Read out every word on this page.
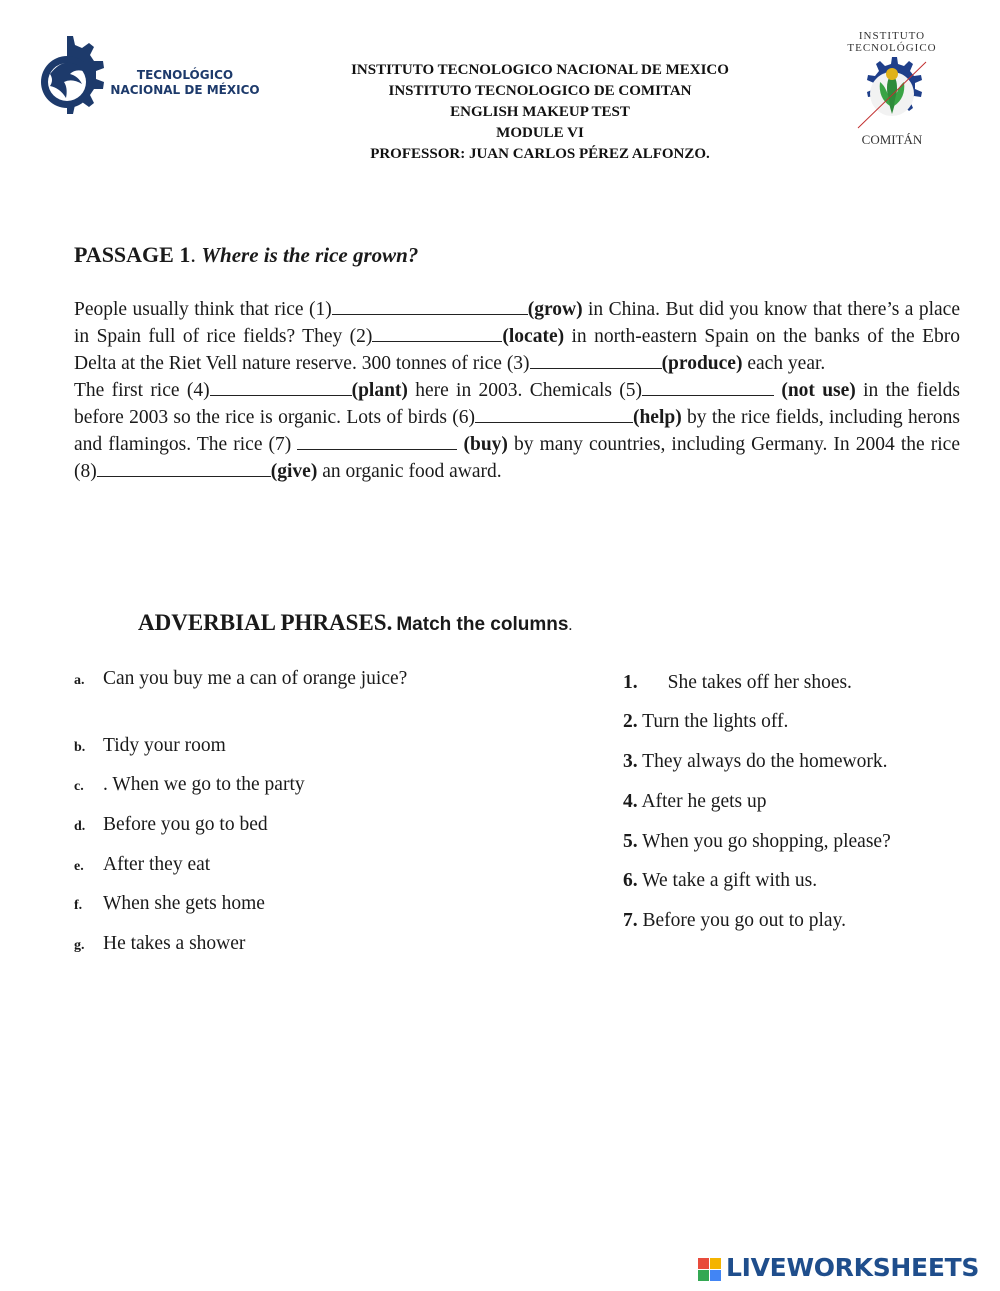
TECNOLÓGICO
NACIONAL DE MÉXICO
INSTITUTO TECNOLOGICO NACIONAL DE MEXICO
INSTITUTO TECNOLOGICO DE COMITAN
ENGLISH MAKEUP TEST
MODULE VI
PROFESSOR: JUAN CARLOS PÉREZ ALFONZO.
INSTITUTO
TECNOLÓGICO
COMITÁN
PASSAGE 1. Where is the rice grown?
People usually think that rice (1)	(grow) in China. But did you know that there’s a place in Spain full of rice fields? They (2)	(locate) in north-eastern Spain on the banks of the Ebro Delta at the Riet Vell nature reserve. 300 tonnes of rice (3)	(produce) each year.
The first rice (4)	(plant) here in 2003. Chemicals (5)	(not use) in the fields before 2003 so the rice is organic. Lots of birds (6)	(help) by the rice fields, including herons and flamingos. The rice (7)	(buy) by many countries, including Germany. In 2004 the rice (8)	(give) an organic food award.
ADVERBIAL PHRASES. Match the columns.
a. Can you buy me a can of orange juice?
b. Tidy your room
c. . When we go to the party
d. Before you go to bed
e. After they eat
f. When she gets home
g. He takes a shower
1. She takes off her shoes.
2. Turn the lights off.
3. They always do the homework.
4. After he gets up
5. When you go shopping, please?
6. We take a gift with us.
7. Before you go out to play.
LIVEWORKSHEETS
